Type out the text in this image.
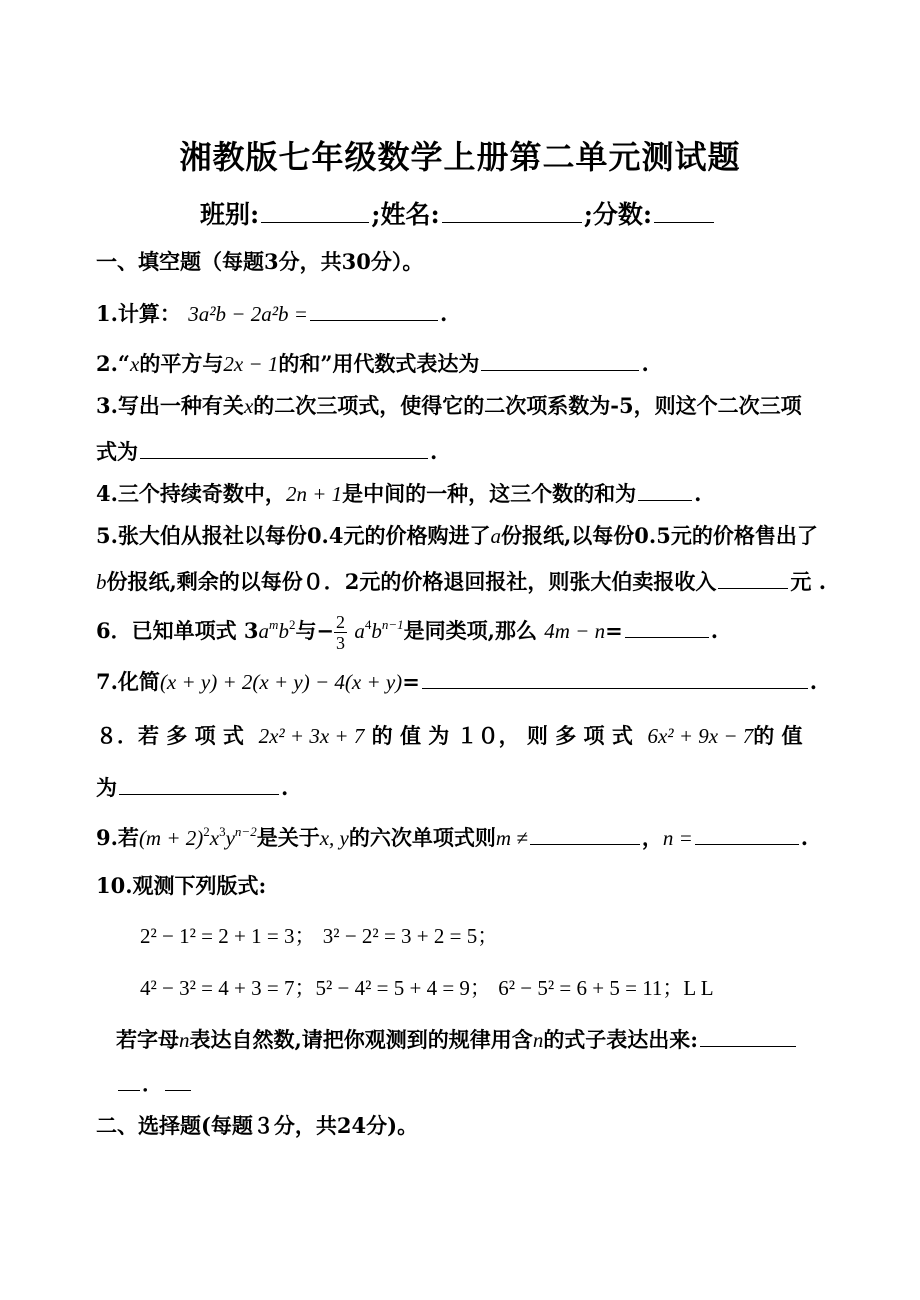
湘教版七年级数学上册第二单元测试题
班别:	;姓名:	;分数:
一、填空题（每题3分，共30分）。
1.计算： 3a²b − 2a²b =	.
2.“x的平方与2x − 1的和”用代数式表达为	.
3.写出一种有关x的二次三项式，使得它的二次项系数为-5，则这个二次三项
式为	.
4.三个持续奇数中，2n + 1是中间的一种，这三个数的和为	.
5.张大伯从报社以每份0.4元的价格购进了a份报纸,以每份0.5元的价格售出了
b份报纸,剩余的以每份０．2元的价格退回报社，则张大伯卖报收入	元 .
6．已知单项式 $3a^mb^2$与− $\frac{2}{3} a^4b^{n-1}$是同类项,那么 4m − n=	.
7.化简(x + y) + 2(x + y) − 4(x + y)=	.
８．若 多 项 式 2x² + 3x + 7 的 值 为 １０， 则 多 项 式 6x² + 9x − 7的 值
为	.
9.若$(m + 2)^2x^3y^{n-2}$是关于x, y的六次单项式则m ≠	，n =	.
10.观测下列版式:
2² − 1² = 2 + 1 = 3； 3² − 2² = 3 + 2 = 5；
4² − 3² = 4 + 3 = 7；5² − 4² = 5 + 4 = 9； 6² − 5² = 6 + 5 = 11；L L
若字母n表达自然数,请把你观测到的规律用含n的式子表达出来:
．
二、选择题(每题３分，共24分)。
